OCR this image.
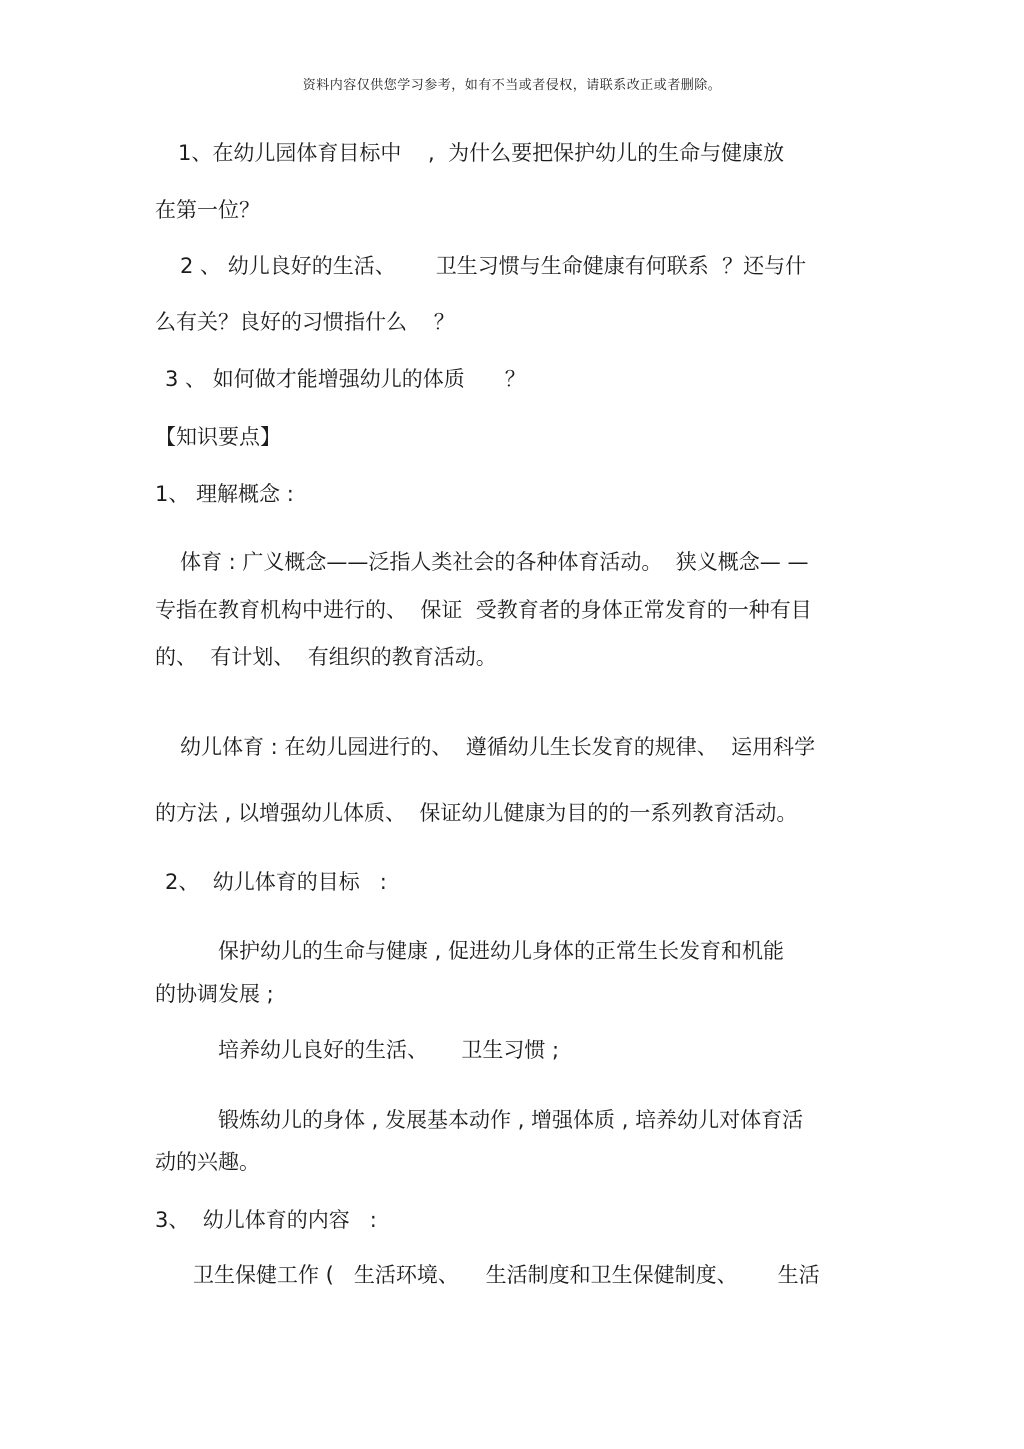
资料内容仅供您学习参考，如有不当或者侵权，请联系改正或者删除。
1、在幼儿园体育目标中    ,  为什么要把保护幼儿的生命与健康放
在第一位？
2 、 幼儿良好的生活、      卫生习惯与生命健康有何联系  ？还与什
么有关？良好的习惯指什么    ？
3 、 如何做才能增强幼儿的体质      ？
【知识要点】
1、 理解概念 :
体育 : 广义概念——泛指人类社会的各种体育活动。  狭义概念— —
专指在教育机构中进行的、  保证  受教育者的身体正常发育的一种有目
的、  有计划、  有组织的教育活动。
幼儿体育 : 在幼儿园进行的、  遵循幼儿生长发育的规律、  运用科学
的方法 , 以增强幼儿体质、  保证幼儿健康为目的的一系列教育活动。
2、  幼儿体育的目标   :
保护幼儿的生命与健康 , 促进幼儿身体的正常生长发育和机能
的协调发展 ;
培养幼儿良好的生活、     卫生习惯 ;
锻炼幼儿的身体 , 发展基本动作 , 增强体质 , 培养幼儿对体育活
动的兴趣。
3、  幼儿体育的内容   :
卫生保健工作 (   生活环境、    生活制度和卫生保健制度、      生活
